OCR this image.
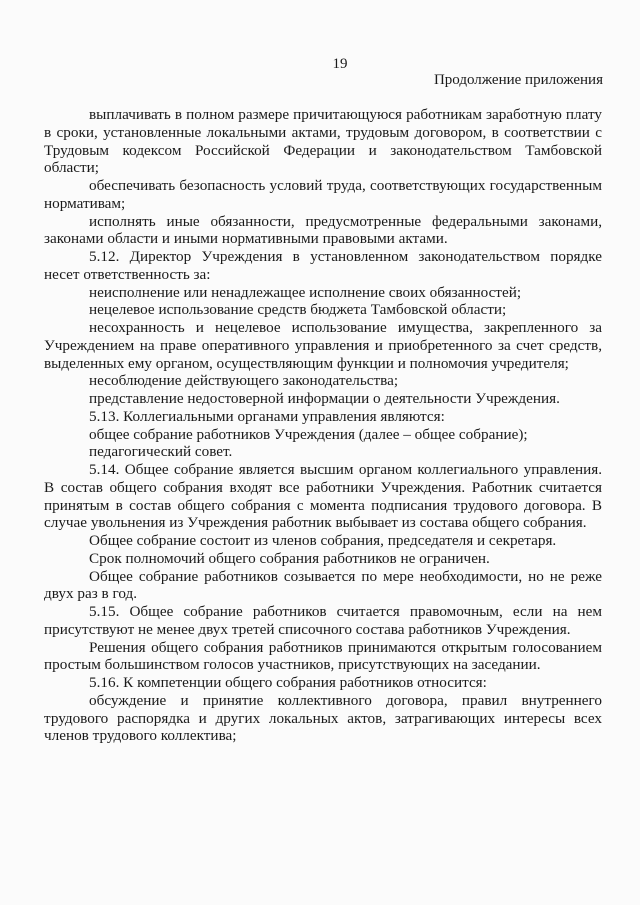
19
Продолжение приложения

выплачивать в полном размере причитающуюся работникам заработную плату в сроки, установленные локальными актами, трудовым договором, в соответствии с Трудовым кодексом Российской Федерации и законодательством Тамбовской области;

обеспечивать безопасность условий труда, соответствующих государственным нормативам;

исполнять иные обязанности, предусмотренные федеральными законами, законами области и иными нормативными правовыми актами.

5.12. Директор Учреждения в установленном законодательством порядке несет ответственность за:

неисполнение или ненадлежащее исполнение своих обязанностей;

нецелевое использование средств бюджета Тамбовской области;

несохранность и нецелевое использование имущества, закрепленного за Учреждением на праве оперативного управления и приобретенного за счет средств, выделенных ему органом, осуществляющим функции и полномочия учредителя;

несоблюдение действующего законодательства;

представление недостоверной информации о деятельности Учреждения.

5.13. Коллегиальными органами управления являются:

общее собрание работников Учреждения (далее – общее собрание);

педагогический совет.

5.14. Общее собрание является высшим органом коллегиального управления. В состав общего собрания входят все работники Учреждения. Работник считается принятым в состав общего собрания с момента подписания трудового договора. В случае увольнения из Учреждения работник выбывает из состава общего собрания.

Общее собрание состоит из членов собрания, председателя и секретаря.

Срок полномочий общего собрания работников не ограничен.

Общее собрание работников созывается по мере необходимости, но не реже двух раз в год.

5.15. Общее собрание работников считается правомочным, если на нем присутствуют не менее двух третей списочного состава работников Учреждения.

Решения общего собрания работников принимаются открытым голосованием простым большинством голосов участников, присутствующих на заседании.

5.16. К компетенции общего собрания работников относится:

обсуждение и принятие коллективного договора, правил внутреннего трудового распорядка и других локальных актов, затрагивающих интересы всех членов трудового коллектива;
